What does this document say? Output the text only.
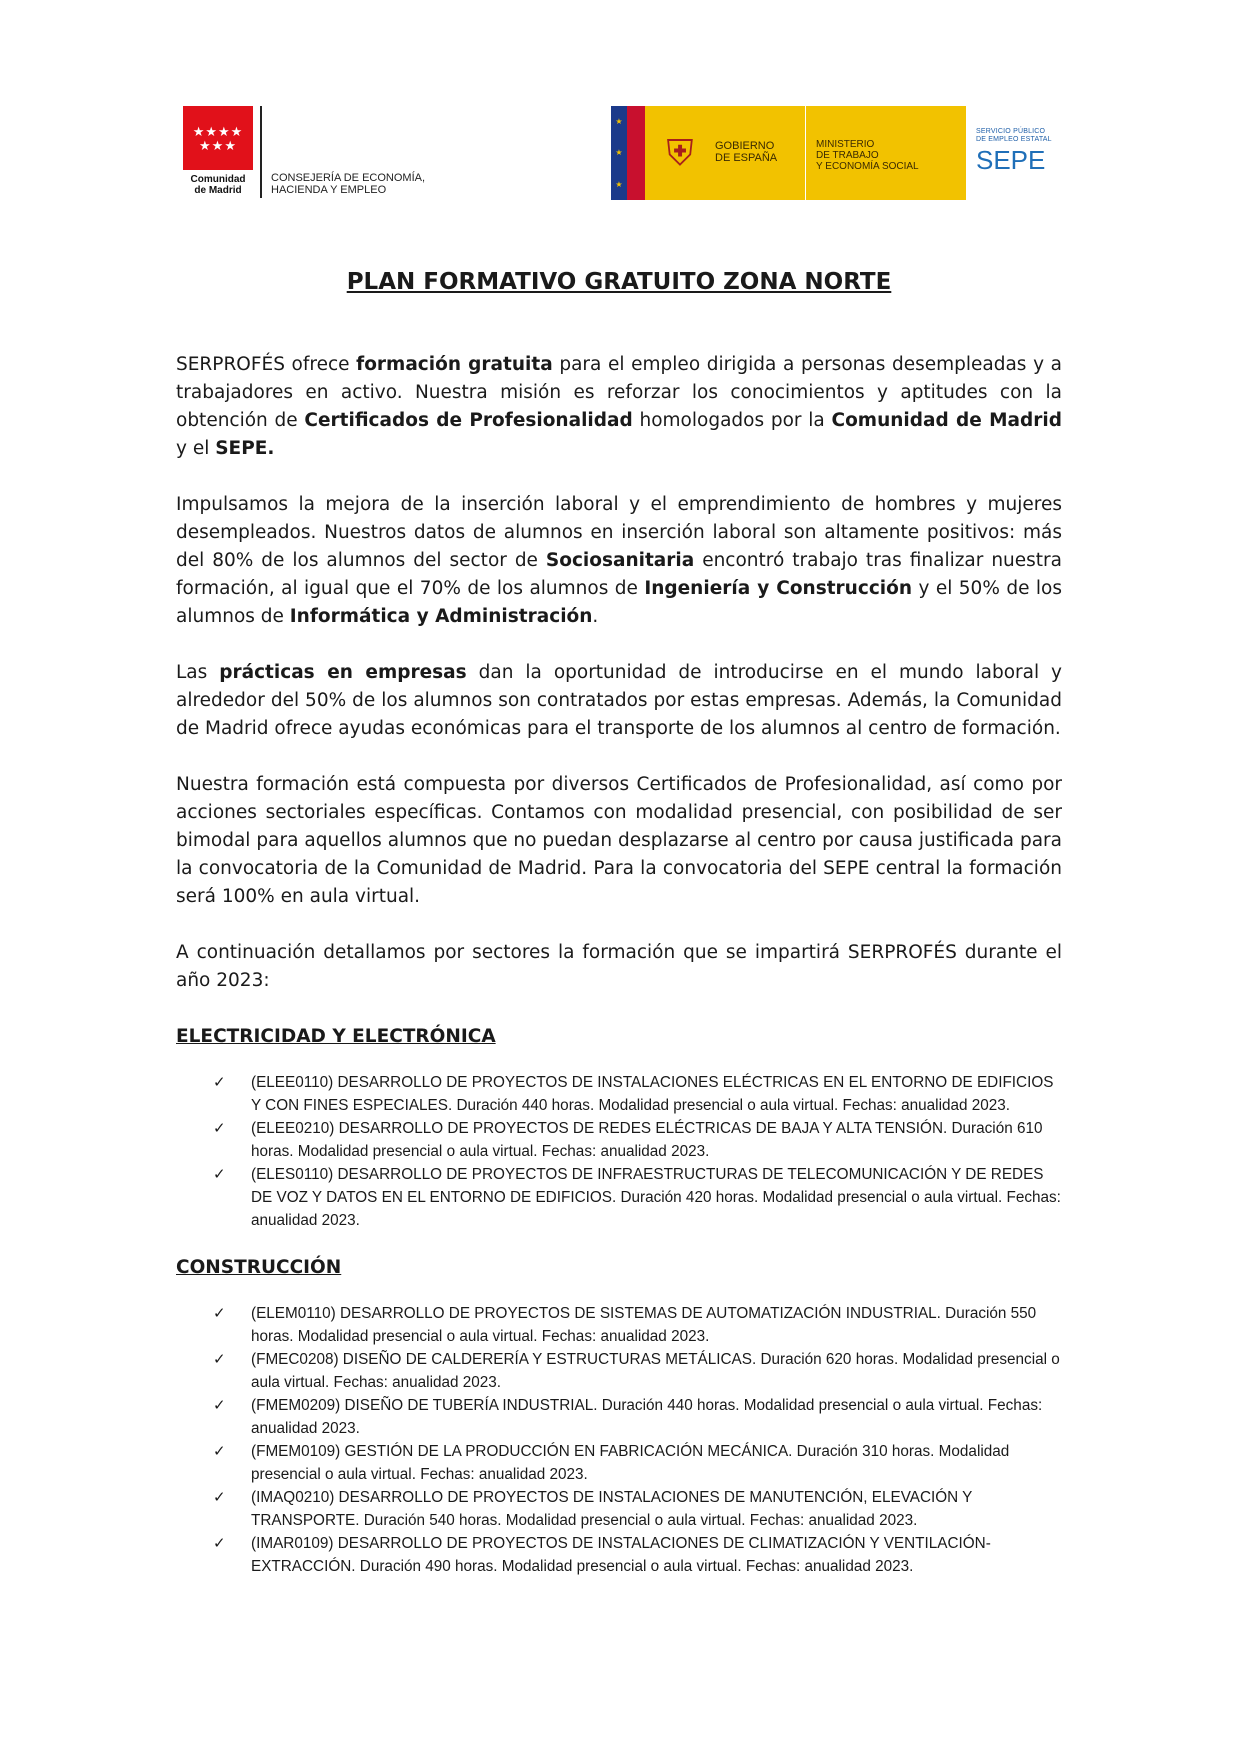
★★★★
★★★
Comunidad
de Madrid
CONSEJERÍA DE ECONOMÍA,
HACIENDA Y EMPLEO
★
★
★
⛨	GOBIERNO
DE ESPAÑA
MINISTERIO
DE TRABAJO
Y ECONOMÍA SOCIAL
SERVICIO PÚBLICO
DE EMPLEO ESTATAL
SEPE
PLAN FORMATIVO GRATUITO ZONA NORTE

SERPROFÉS ofrece formación gratuita para el empleo dirigida a personas desempleadas y a trabajadores en activo. Nuestra misión es reforzar los conocimientos y aptitudes con la obtención de Certificados de Profesionalidad homologados por la Comunidad de Madrid y el SEPE.

Impulsamos la mejora de la inserción laboral y el emprendimiento de hombres y mujeres desempleados. Nuestros datos de alumnos en inserción laboral son altamente positivos: más del 80% de los alumnos del sector de Sociosanitaria encontró trabajo tras finalizar nuestra formación, al igual que el 70% de los alumnos de Ingeniería y Construcción y el 50% de los alumnos de Informática y Administración.

Las prácticas en empresas dan la oportunidad de introducirse en el mundo laboral y alrededor del 50% de los alumnos son contratados por estas empresas. Además, la Comunidad de Madrid ofrece ayudas económicas para el transporte de los alumnos al centro de formación.

Nuestra formación está compuesta por diversos Certificados de Profesionalidad, así como por acciones sectoriales específicas. Contamos con modalidad presencial, con posibilidad de ser bimodal para aquellos alumnos que no puedan desplazarse al centro por causa justificada para la convocatoria de la Comunidad de Madrid. Para la convocatoria del SEPE central la formación será 100% en aula virtual.

A continuación detallamos por sectores la formación que se impartirá SERPROFÉS durante el año 2023:

ELECTRICIDAD Y ELECTRÓNICA
✓ (ELEE0110) DESARROLLO DE PROYECTOS DE INSTALACIONES ELÉCTRICAS EN EL ENTORNO DE EDIFICIOS Y CON FINES ESPECIALES. Duración 440 horas. Modalidad presencial o aula virtual. Fechas: anualidad 2023.
✓ (ELEE0210) DESARROLLO DE PROYECTOS DE REDES ELÉCTRICAS DE BAJA Y ALTA TENSIÓN. Duración 610 horas. Modalidad presencial o aula virtual. Fechas: anualidad 2023.
✓ (ELES0110) DESARROLLO DE PROYECTOS DE INFRAESTRUCTURAS DE TELECOMUNICACIÓN Y DE REDES DE VOZ Y DATOS EN EL ENTORNO DE EDIFICIOS. Duración 420 horas. Modalidad presencial o aula virtual. Fechas: anualidad 2023.
CONSTRUCCIÓN
✓ (ELEM0110) DESARROLLO DE PROYECTOS DE SISTEMAS DE AUTOMATIZACIÓN INDUSTRIAL. Duración 550 horas. Modalidad presencial o aula virtual. Fechas: anualidad 2023.
✓ (FMEC0208) DISEÑO DE CALDERERÍA Y ESTRUCTURAS METÁLICAS. Duración 620 horas. Modalidad presencial o aula virtual. Fechas: anualidad 2023.
✓ (FMEM0209) DISEÑO DE TUBERÍA INDUSTRIAL. Duración 440 horas. Modalidad presencial o aula virtual. Fechas: anualidad 2023.
✓ (FMEM0109) GESTIÓN DE LA PRODUCCIÓN EN FABRICACIÓN MECÁNICA. Duración 310 horas. Modalidad presencial o aula virtual. Fechas: anualidad 2023.
✓ (IMAQ0210) DESARROLLO DE PROYECTOS DE INSTALACIONES DE MANUTENCIÓN, ELEVACIÓN Y TRANSPORTE. Duración 540 horas. Modalidad presencial o aula virtual. Fechas: anualidad 2023.
✓ (IMAR0109) DESARROLLO DE PROYECTOS DE INSTALACIONES DE CLIMATIZACIÓN Y VENTILACIÓN-EXTRACCIÓN. Duración 490 horas. Modalidad presencial o aula virtual. Fechas: anualidad 2023.
